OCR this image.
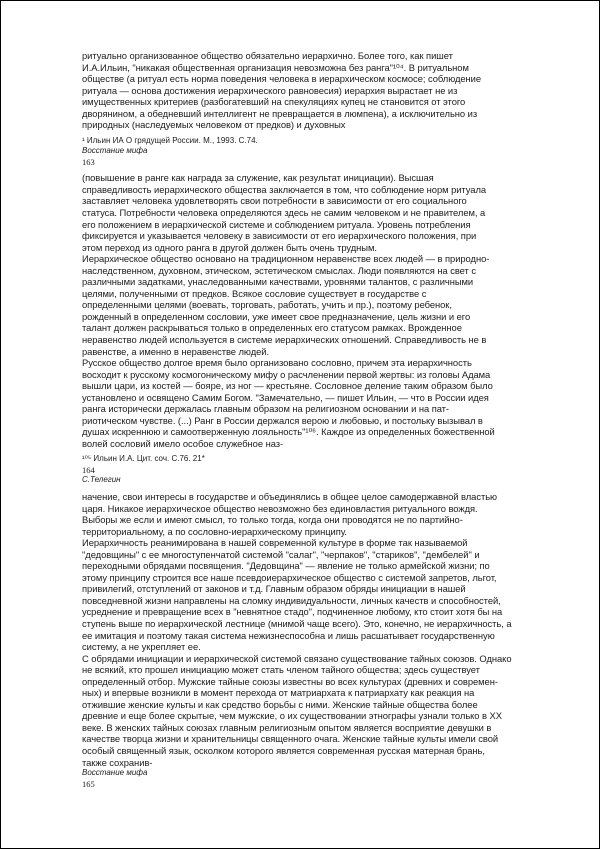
ритуально организованное общество обязательно иерархично. Более того, как пишет
И.А.Ильин, "никакая общественная организация невозможна без ранга"¹⁰⁴. В ритуальном
обществе (а ритуал есть норма поведения человека в иерархическом космосе; соблюдение
ритуала — основа достижения иерархического равновесия) иерархия вырастает не из
имущественных критериев (разбогатевший на спекуляциях купец не становится от этого
дворянином, а обедневший интеллигент не превращается в люмпена), а исключительно из
природных (наследуемых человеком от предков) и духовных
¹ Ильин ИА О грядущей России. М., 1993. С.74.
Восстание мифа
163
(повышение в ранге как награда за служение, как результат инициации). Высшая
справедливость иерархического общества заключается в том, что соблюдение норм ритуала
заставляет человека удовлетворять свои потребности в зависимости от его социального
статуса. Потребности человека определяются здесь не самим человеком и не правителем, а
его положением в иерархической системе и соблюдением ритуала. Уровень потребления
фиксируется и указывается человеку в зависимости от его иерархического положения, при
этом переход из одного ранга в другой должен быть очень трудным.
Иерархическое общество основано на традиционном неравенстве всех людей — в природно-
наследственном, духовном, этическом, эстетическом смыслах. Люди появляются на свет с
различными задатками, унаследованными качествами, уровнями талантов, с различными
целями, полученными от предков. Всякое сословие существует в государстве с
определенными целями (воевать, торговать, работать, учить и пр.), поэтому ребенок,
рожденный в определенном сословии, уже имеет свое предназначение, цель жизни и его
талант должен раскрываться только в определенных его статусом рамках. Врожденное
неравенство людей используется в системе иерархических отношений. Справедливость не в
равенстве, а именно в неравенстве людей.
Русское общество долгое время было организовано сословно, причем эта иерархичность
восходит к русскому космогоническому мифу о расчленении первой жертвы: из головы Адама
вышли цари, из костей — бояре, из ног — крестьяне. Сословное деление таким образом было
установлено и освящено Самим Богом. "Замечательно, — пишет Ильин, — что в России идея
ранга исторически держалась главным образом на религиозном основании и на пат-
риотическом чувстве. (...) Ранг в России держался верою и любовью, и постольку вызывал в
душах искреннюю и самоотверженную лояльность"¹⁰⁶. Каждое из определенных божественной
волей сословий имело особое служебное наз-
¹⁰⁵ Ильин И.А. Цит. соч. С.76. 21*
164
С.Телегин
начение, свои интересы в государстве и объединялись в общее целое самодержавной властью
царя. Никакое иерархическое общество невозможно без единовластия ритуального вождя.
Выборы же если и имеют смысл, то только тогда, когда они проводятся не по партийно-
территориальному, а по сословно-иерархическому принципу.
Иерархичность реанимирована в нашей современной культуре в форме так называемой
"дедовщины" с ее многоступенчатой системой "салаг", "черпаков", "стариков", "дембелей" и
переходными обрядами посвящения. "Дедовщина" — явление не только армейской жизни; по
этому принципу строится все наше псевдоиерархическое общество с системой запретов, льгот,
привилегий, отступлений от законов и т.д. Главным образом обряды инициации в нашей
повседневной жизни направлены на сломку индивидуальности, личных качеств и способностей,
усреднение и превращение всех в "невнятное стадо", подчиненное любому, кто стоит хотя бы на
ступень выше по иерархической лестнице (мнимой чаще всего). Это, конечно, не иерархичность, а
ее имитация и поэтому такая система нежизнеспособна и лишь расшатывает государственную
систему, а не укрепляет ее.
С обрядами инициации и иерархической системой связано существование тайных союзов. Однако
не всякий, кто прошел инициацию может стать членом тайного общества; здесь существует
определенный отбор. Мужские тайные союзы известны во всех культурах (древних и современ-
ных) и впервые возникли в момент перехода от матриархата к патриархату как реакция на
отжившие женские культы и как средство борьбы с ними. Женские тайные общества более
древние и еще более скрытые, чем мужские, о их существовании этнографы узнали только в XX
веке. В женских тайных союзах главным религиозным опытом является восприятие девушки в
качестве творца жизни и хранительницы священного очага. Женские тайные культы имели свой
особый священный язык, осколком которого является современная русская матерная брань,
также сохранив-
Восстание мифа
165
